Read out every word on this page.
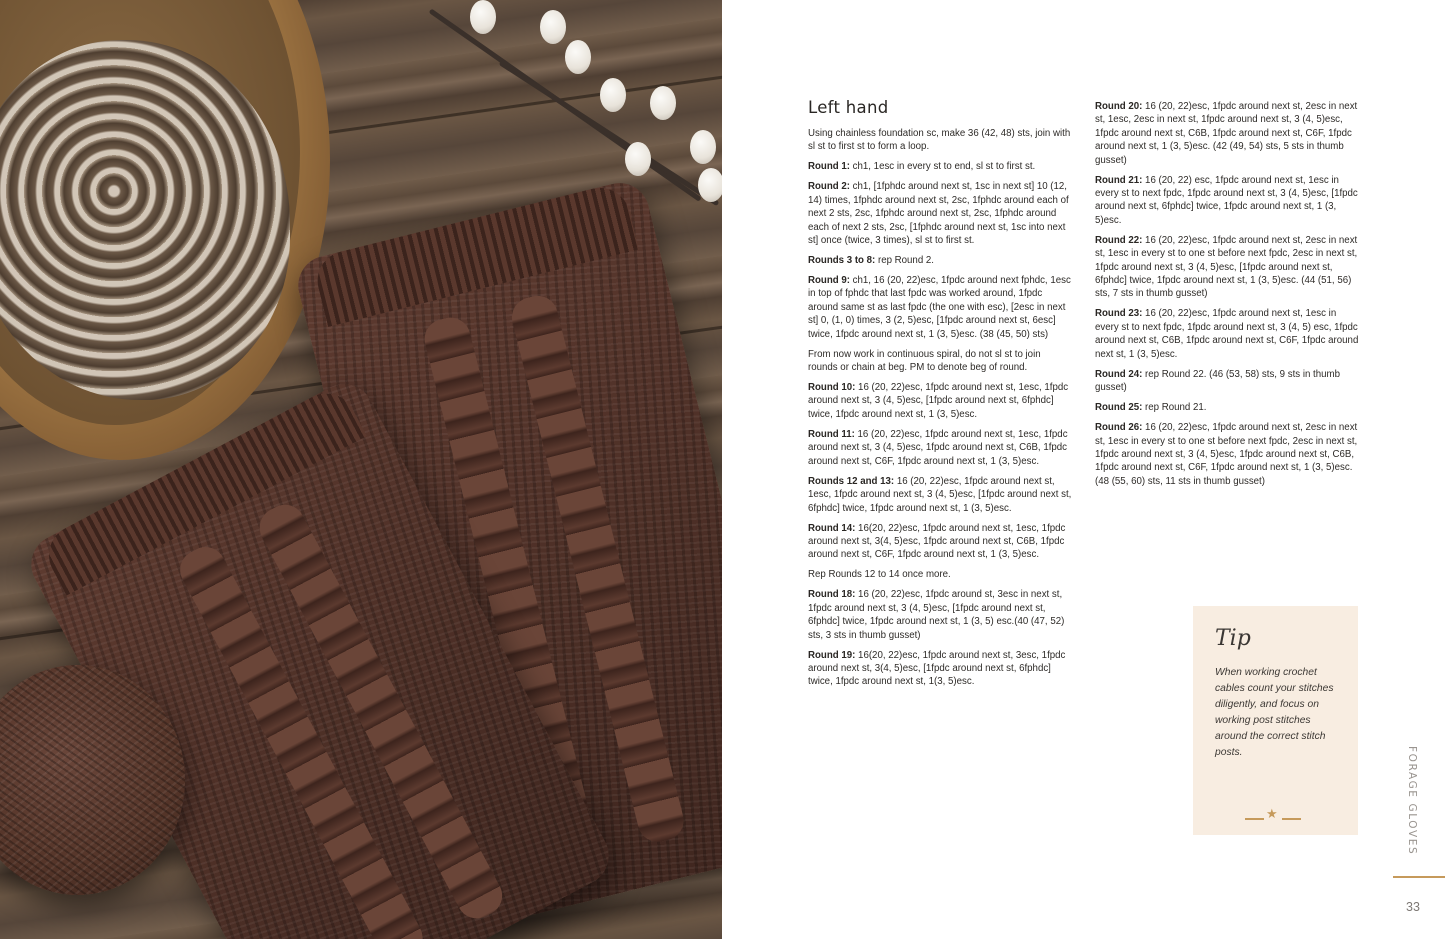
Left hand

Using chainless foundation sc, make 36 (42, 48) sts, join with sl st to first st to form a loop.

Round 1: ch1, 1esc in every st to end, sl st to first st.

Round 2: ch1, [1fphdc around next st, 1sc in next st] 10 (12, 14) times, 1fphdc around next st, 2sc, 1fphdc around each of next 2 sts, 2sc, 1fphdc around next st, 2sc, 1fphdc around each of next 2 sts, 2sc, [1fphdc around next st, 1sc into next st] once (twice, 3 times), sl st to first st.

Rounds 3 to 8: rep Round 2.

Round 9: ch1, 16 (20, 22)esc, 1fpdc around next fphdc, 1esc in top of fphdc that last fpdc was worked around, 1fpdc around same st as last fpdc (the one with esc), [2esc in next st] 0, (1, 0) times, 3 (2, 5)esc, [1fpdc around next st, 6esc] twice, 1fpdc around next st, 1 (3, 5)esc. (38 (45, 50) sts)

From now work in continuous spiral, do not sl st to join rounds or chain at beg. PM to denote beg of round.

Round 10: 16 (20, 22)esc, 1fpdc around next st, 1esc, 1fpdc around next st, 3 (4, 5)esc, [1fpdc around next st, 6fphdc] twice, 1fpdc around next st, 1 (3, 5)esc.

Round 11: 16 (20, 22)esc, 1fpdc around next st, 1esc, 1fpdc around next st, 3 (4, 5)esc, 1fpdc around next st, C6B, 1fpdc around next st, C6F, 1fpdc around next st, 1 (3, 5)esc.

Rounds 12 and 13: 16 (20, 22)esc, 1fpdc around next st, 1esc, 1fpdc around next st, 3 (4, 5)esc, [1fpdc around next st, 6fphdc] twice, 1fpdc around next st, 1 (3, 5)esc.

Round 14: 16(20, 22)esc, 1fpdc around next st, 1esc, 1fpdc around next st, 3(4, 5)esc, 1fpdc around next st, C6B, 1fpdc around next st, C6F, 1fpdc around next st, 1 (3, 5)esc.

Rep Rounds 12 to 14 once more.

Round 18: 16 (20, 22)esc, 1fpdc around st, 3esc in next st, 1fpdc around next st, 3 (4, 5)esc, [1fpdc around next st, 6fphdc] twice, 1fpdc around next st, 1 (3, 5) esc.(40 (47, 52) sts, 3 sts in thumb gusset)

Round 19: 16(20, 22)esc, 1fpdc around next st, 3esc, 1fpdc around next st, 3(4, 5)esc, [1fpdc around next st, 6fphdc] twice, 1fpdc around next st, 1(3, 5)esc.

Round 20: 16 (20, 22)esc, 1fpdc around next st, 2esc in next st, 1esc, 2esc in next st, 1fpdc around next st, 3 (4, 5)esc, 1fpdc around next st, C6B, 1fpdc around next st, C6F, 1fpdc around next st, 1 (3, 5)esc. (42 (49, 54) sts, 5 sts in thumb gusset)

Round 21: 16 (20, 22) esc, 1fpdc around next st, 1esc in every st to next fpdc, 1fpdc around next st, 3 (4, 5)esc, [1fpdc around next st, 6fphdc] twice, 1fpdc around next st, 1 (3, 5)esc.

Round 22: 16 (20, 22)esc, 1fpdc around next st, 2esc in next st, 1esc in every st to one st before next fpdc, 2esc in next st, 1fpdc around next st, 3 (4, 5)esc, [1fpdc around next st, 6fphdc] twice, 1fpdc around next st, 1 (3, 5)esc. (44 (51, 56) sts, 7 sts in thumb gusset)

Round 23: 16 (20, 22)esc, 1fpdc around next st, 1esc in every st to next fpdc, 1fpdc around next st, 3 (4, 5) esc, 1fpdc around next st, C6B, 1fpdc around next st, C6F, 1fpdc around next st, 1 (3, 5)esc.

Round 24: rep Round 22. (46 (53, 58) sts, 9 sts in thumb gusset)

Round 25: rep Round 21.

Round 26: 16 (20, 22)esc, 1fpdc around next st, 2esc in next st, 1esc in every st to one st before next fpdc, 2esc in next st, 1fpdc around next st, 3 (4, 5)esc, 1fpdc around next st, C6B, 1fpdc around next st, C6F, 1fpdc around next st, 1 (3, 5)esc. (48 (55, 60) sts, 11 sts in thumb gusset)

Tip
When working crochet cables count your stitches diligently, and focus on working post stitches around the correct stitch posts.
★	FORAGE GLOVES
33
